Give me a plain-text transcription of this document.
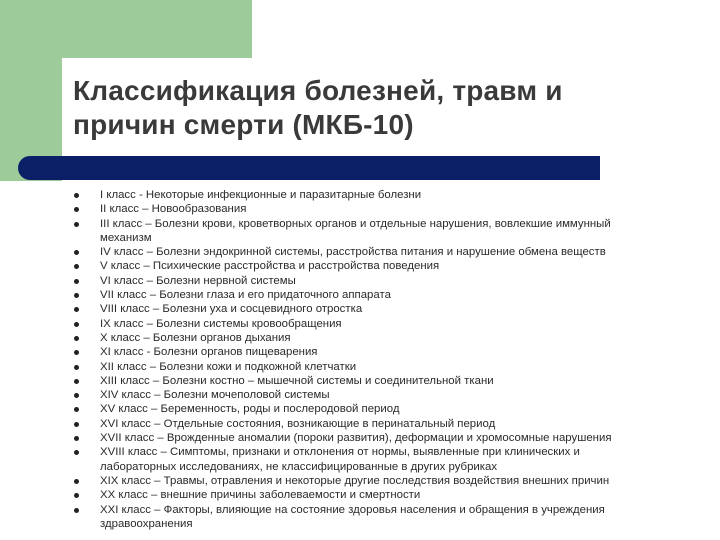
Классификация болезней, травм и причин смерти (МКБ-10)
I класс - Некоторые инфекционные и паразитарные болезни
II класс – Новообразования
III класс – Болезни крови, кроветворных органов и отдельные нарушения, вовлекшие иммунный
механизм
IV класс – Болезни эндокринной системы, расстройства питания и нарушение обмена веществ
V класс – Психические расстройства и расстройства поведения
VI класс – Болезни нервной системы
VII класс – Болезни глаза и его придаточного аппарата
VIII класс – Болезни уха и сосцевидного отростка
IX класс – Болезни системы кровообращения
X класс – Болезни органов дыхания
XI класс - Болезни органов пищеварения
XII класс – Болезни кожи и подкожной клетчатки
XIII класс – Болезни костно – мышечной системы и соединительной ткани
XIV класс – Болезни мочеполовой системы
XV класс – Беременность, роды и послеродовой период
XVI класс – Отдельные состояния, возникающие в перинатальный период
XVII класс – Врожденные аномалии (пороки развития), деформации и хромосомные нарушения
XVIII класс – Симптомы, признаки и отклонения от нормы, выявленные при клинических и
лабораторных исследованиях, не классифицированные в других рубриках
XIX класс – Травмы, отравления и некоторые другие последствия воздействия внешних причин
XX класс – внешние причины заболеваемости и смертности
XXI класс – Факторы, влияющие на состояние здоровья населения и обращения в учреждения
здравоохранения
